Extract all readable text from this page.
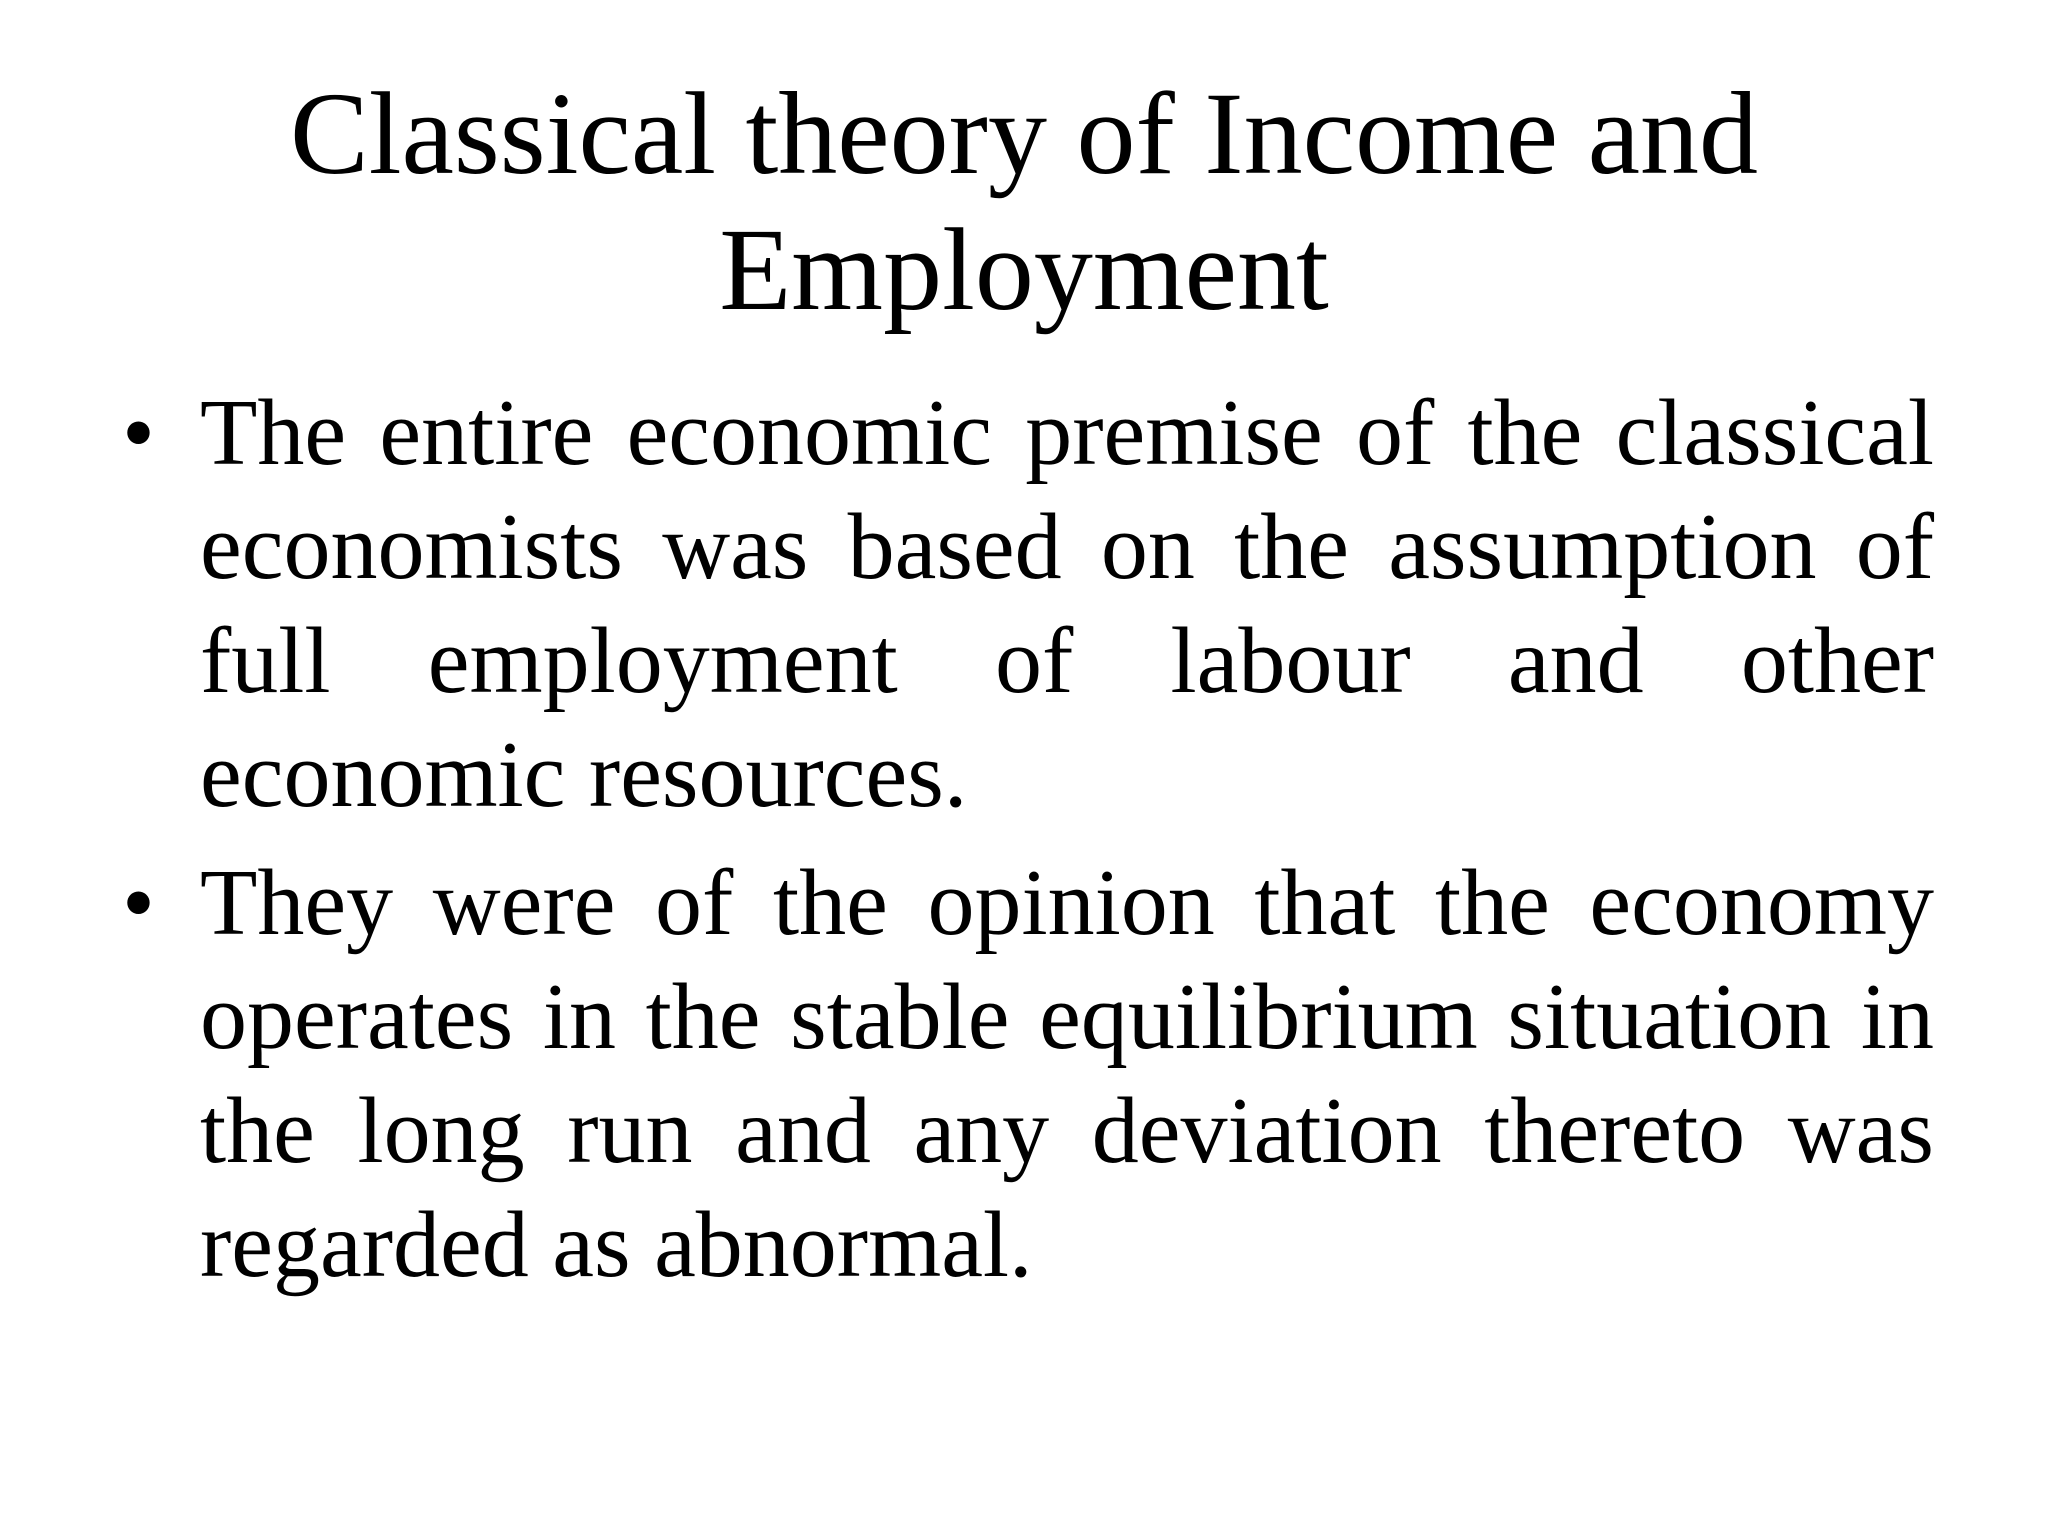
Classical theory of Income and Employment
• The entire economic premise of the classical economists was based on the assumption of full employment of labour and other economic resources.
• They were of the opinion that the economy operates in the stable equilibrium situation in the long run and any deviation thereto was regarded as abnormal.
